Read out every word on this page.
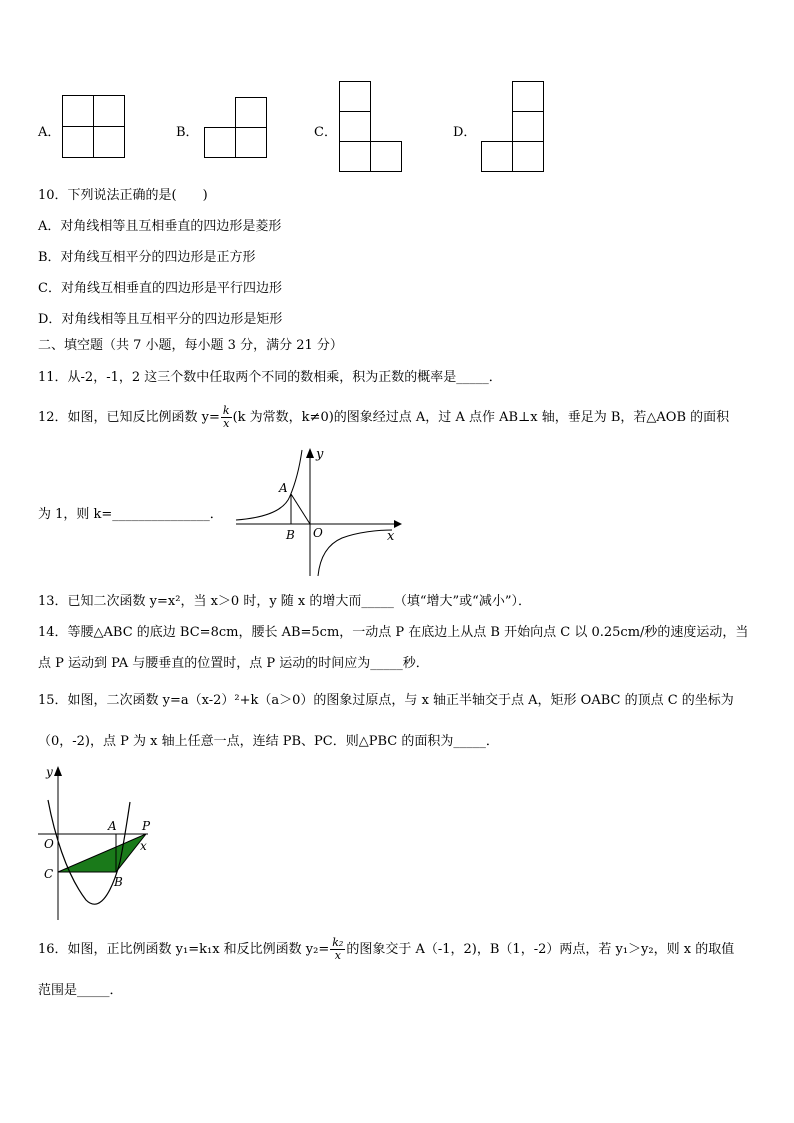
A．	B．	C．	D．
10．下列说法正确的是(　　)
A．对角线相等且互相垂直的四边形是菱形
B．对角线互相平分的四边形是正方形
C．对角线互相垂直的四边形是平行四边形
D．对角线相等且互相平分的四边形是矩形
二、填空题（共 7 小题，每小题 3 分，满分 21 分）
11．从-2，-1，2 这三个数中任取两个不同的数相乘，积为正数的概率是_____．
12．如图，已知反比例函数 $y= \frac{k}{x} (k$ 为常数，k≠0)的图象经过点 A，过 A 点作 AB⊥x 轴，垂足为 B，若△AOB 的面积
为 1，则 k=_______________．
y
x
A
B O
13．已知二次函数 y=x²，当 x＞0 时，y 随 x 的增大而_____（填“增大”或“减小”）．
14．等腰△ABC 的底边 BC=8cm，腰长 AB=5cm，一动点 P 在底边上从点 B 开始向点 C 以 0.25cm/秒的速度运动，当
点 P 运动到 PA 与腰垂直的位置时，点 P 运动的时间应为_____秒．
15．如图，二次函数 y=a（x-2）²+k（a＞0）的图象过原点，与 x 轴正半轴交于点 A，矩形 OABC 的顶点 C 的坐标为
（0，-2)，点 P 为 x 轴上任意一点，连结 PB、PC．则△PBC 的面积为_____．
y
x
O
A P
C
B
16．如图，正比例函数 y₁=k₁x 和反比例函数 $y_2= \frac{\text{k₂}}{x}$ 的图象交于 A（-1，2)，B（1，-2）两点，若 y₁＞y₂，则 x 的取值
范围是_____．
